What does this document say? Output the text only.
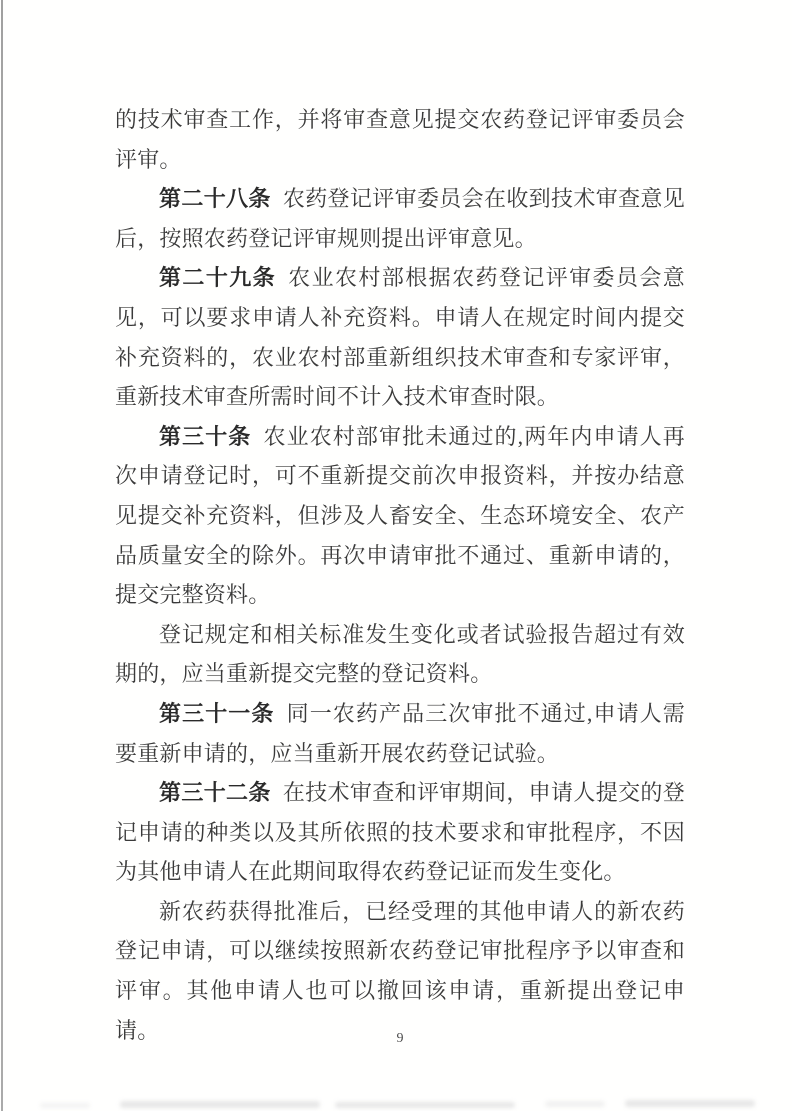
的技术审查工作，并将审查意见提交农药登记评审委员会评审。

第二十八条 农药登记评审委员会在收到技术审查意见后，按照农药登记评审规则提出评审意见。

第二十九条 农业农村部根据农药登记评审委员会意见，可以要求申请人补充资料。申请人在规定时间内提交补充资料的，农业农村部重新组织技术审查和专家评审，重新技术审查所需时间不计入技术审查时限。

第三十条 农业农村部审批未通过的,两年内申请人再次申请登记时，可不重新提交前次申报资料，并按办结意见提交补充资料，但涉及人畜安全、生态环境安全、农产品质量安全的除外。再次申请审批不通过、重新申请的，提交完整资料。

登记规定和相关标准发生变化或者试验报告超过有效期的，应当重新提交完整的登记资料。

第三十一条 同一农药产品三次审批不通过,申请人需要重新申请的，应当重新开展农药登记试验。

第三十二条 在技术审查和评审期间，申请人提交的登记申请的种类以及其所依照的技术要求和审批程序，不因为其他申请人在此期间取得农药登记证而发生变化。

新农药获得批准后，已经受理的其他申请人的新农药登记申请，可以继续按照新农药登记审批程序予以审查和评审。其他申请人也可以撤回该申请，重新提出登记申请。	9
